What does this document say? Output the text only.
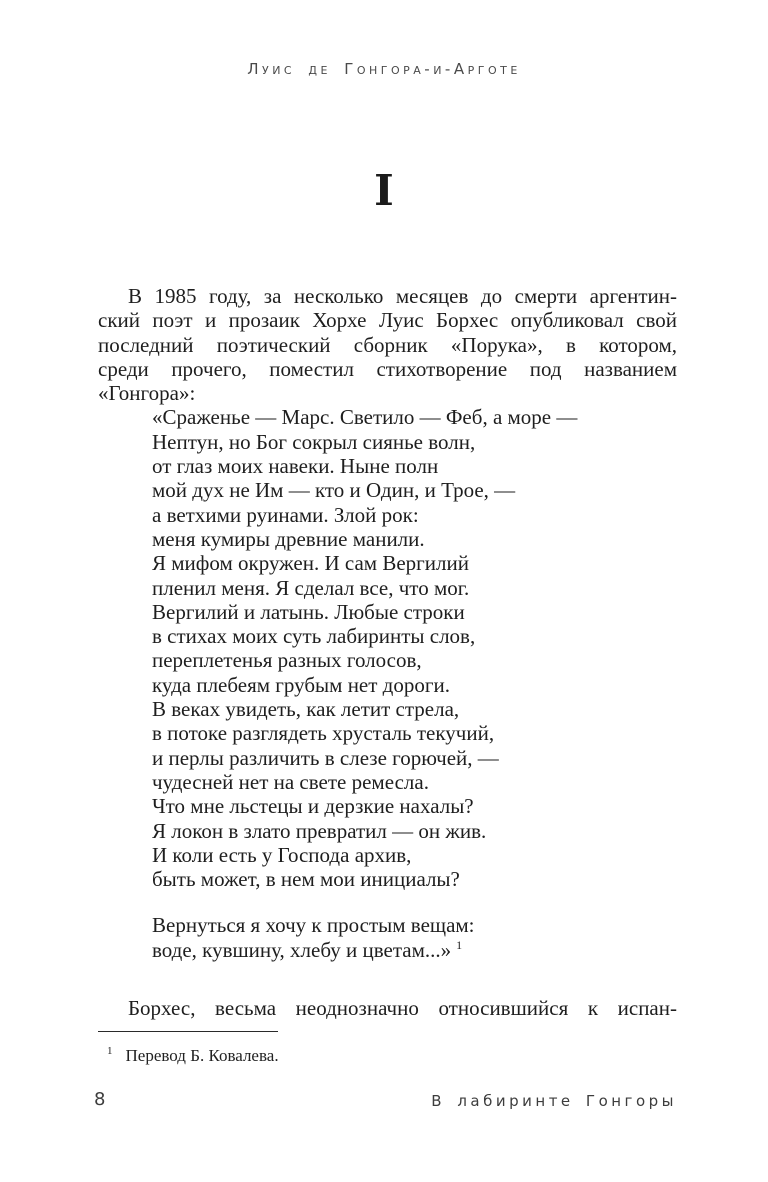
Луис де Гонгора-и-Арготе
I
В 1985 году, за несколько месяцев до смерти аргентин-
ский поэт и прозаик Хорхе Луис Борхес опубликовал свой
последний поэтический сборник «Порука», в котором,
среди прочего, поместил стихотворение под названием
«Гонгора»:
«Сраженье — Марс. Светило — Феб, а море —
Нептун, но Бог сокрыл сиянье волн,
от глаз моих навеки. Ныне полн
мой дух не Им — кто и Один, и Трое, —
а ветхими руинами. Злой рок:
меня кумиры древние манили.
Я мифом окружен. И сам Вергилий
пленил меня. Я сделал все, что мог.
Вергилий и латынь. Любые строки
в стихах моих суть лабиринты слов,
переплетенья разных голосов,
куда плебеям грубым нет дороги.
В веках увидеть, как летит стрела,
в потоке разглядеть хрусталь текучий,
и перлы различить в слезе горючей, —
чудесней нет на свете ремесла.
Что мне льстецы и дерзкие нахалы?
Я локон в злато превратил — он жив.
И коли есть у Господа архив,
быть может, в нем мои инициалы?
Вернуться я хочу к простым вещам:
воде, кувшину, хлебу и цветам...» $^1$
Борхес, весьма неоднозначно относившийся к испан-
$^1$ Перевод Б. Ковалева.
8	В лабиринте Гонгоры
